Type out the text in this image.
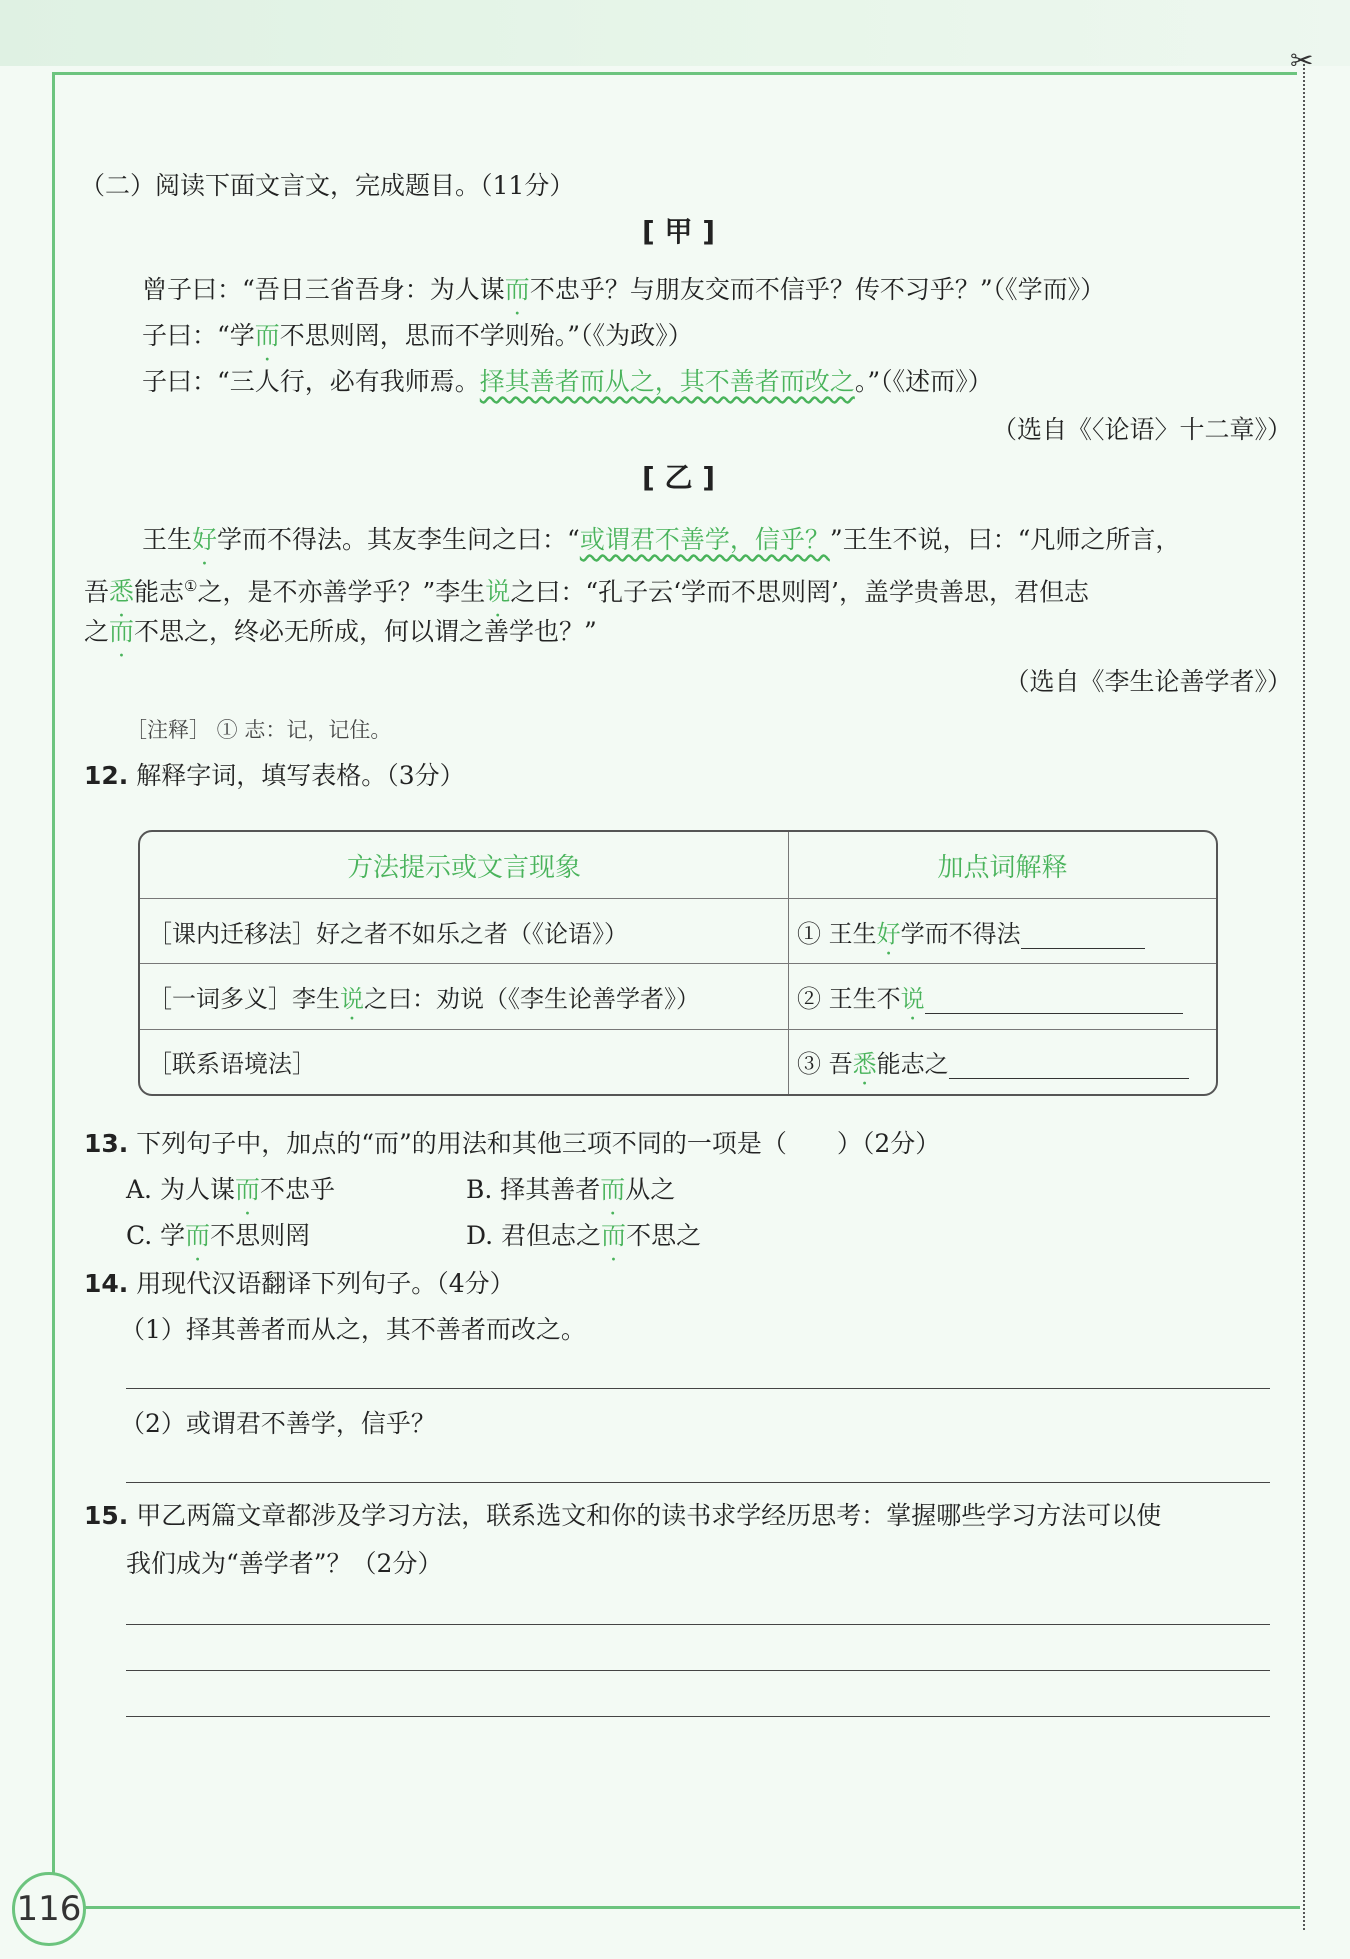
✂
（二）阅读下面文言文，完成题目。（11分）
[ 甲 ]
曾子曰：“吾日三省吾身：为人谋而不忠乎？与朋友交而不信乎？传不习乎？”（《学而》）
子曰：“学而不思则罔，思而不学则殆。”（《为政》）
子曰：“三人行，必有我师焉。择其善者而从之，其不善者而改之。”（《述而》）
（选自《〈论语〉十二章》）
[ 乙 ]
王生好学而不得法。其友李生问之曰：“或谓君不善学，信乎？”王生不说，曰：“凡师之所言，
吾悉能志①之，是不亦善学乎？”李生说之曰：“孔子云‘学而不思则罔’，盖学贵善思，君但志
之而不思之，终必无所成，何以谓之善学也？”
（选自《李生论善学者》）
［注释］ ① 志：记，记住。
12. 解释字词，填写表格。（3分）
方法提示或文言现象	加点词解释
［课内迁移法］好之者不如乐之者（《论语》）	① 王生好学而不得法
［一词多义］李生说之曰：劝说（《李生论善学者》）	② 王生不说
［联系语境法］	③ 吾悉能志之
13. 下列句子中，加点的“而”的用法和其他三项不同的一项是（　　）（2分）
A. 为人谋而不忠乎	B. 择其善者而从之
C. 学而不思则罔	D. 君但志之而不思之
14. 用现代汉语翻译下列句子。（4分）
（1）择其善者而从之，其不善者而改之。
（2）或谓君不善学，信乎？
15. 甲乙两篇文章都涉及学习方法，联系选文和你的读书求学经历思考：掌握哪些学习方法可以使
我们成为“善学者”？（2分）
116
